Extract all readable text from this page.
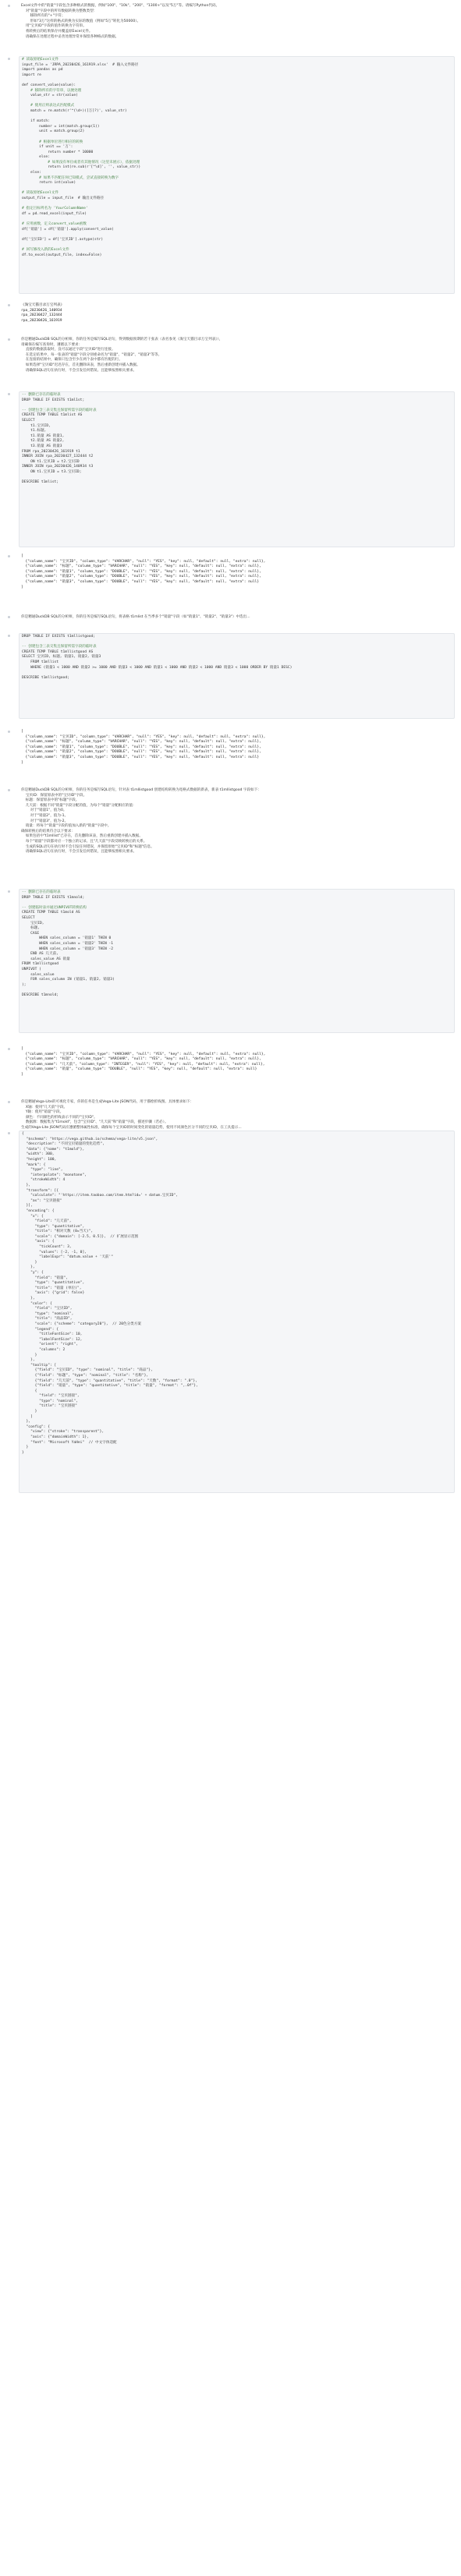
Excel文件中的"销量"字段包含多种格式的数据，例如"100"、"10k"、"200"、"1300+"以及"5万"等。请编写Python代码，
对"销量"字段中的所有数据转换为整数类型：
移除所有的"+"字符；
形如"3万"这样的格式转换为实际的数值（例如"5万"转化为50000）。
用"宝贝ID"字段的值作转换为字符串。
将转换后的结果保存并覆盖原Excel文件。
请确保在处理过程中妥善处理异常并保留各种格式的数据。
# 读取原始Excel文件
input_file = 'JRPA_20230426_161919.xlsx'  # 输入文件路径
import pandas as pd
import re

def convert_value(value):
# 移除所有的字符串，以便处理
value_str = str(value)

# 使用正则表达式匹配模式
match = re.match(r'^(\d+)([万]?)', value_str)

if match:
number = int(match.group(1))
unit = match.group(2)

# 根据单位进行相应的转换
if unit == '万':
return number * 10000
else:
# 如果没有单位或者有其他情况（这里未展示），依据处理
return int(re.sub(r'[^\d]', '', value_str))
else:
# 如果不匹配任何已知模式，尝试直接转换为数字
return int(value)

# 读取原始Excel文件
output_file = input_file  # 输出文件路径

# 指定目标列名为 'YourColumnName'
df = pd.read_excel(input_file)

# 应用函数，定义convert_value函数
df['销量'] = df['销量'].apply(convert_value)

df['宝贝ID'] = df['宝贝ID'].astype(str)

# 回写修改入新的Excel文件
df.to_excel(output_file, index=False)
《淘宝天猫目录万宝列表》
rpa_20230426_140934
rpa_20230427_132444
rpa_20230426_161919
你是精通DuckDB SQL的分析师，你的任务是编写SQL语句，得到数据预期的若干张表（表名参见《淘宝天猫目录万宝列表》），
请确保在编写查询时，遵循以下要求：
直接的数据获取时，良可以通过字段"宝贝ID"进行连接。
在选定结果中，每一张表的"销量"字段分别重命名为"销量"、"销量2"、"销量3"等等。
在连接的结果中，确保只包含至少在两个表中都有匹配的行。
如果选择"宝贝ID"迟迟存在，首先删除该表，然后重新创建并插入数据。
请确保SQL语句在执行时，不会引发任何错误。且能够按照相关要求。
-- 删除已存在的临时表
DROP TABLE IF EXISTS t1ml1st;

-- 创建包含三表交集且保留所需字段的临时表
CREATE TEMP TABLE t1mlist AS
SELECT
t1.宝贝ID,
t1.标题,
t1.销量 AS 销量1,
t2.销量 AS 销量2,
t3.销量 AS 销量3
FROM rpa_20230426_161919 t1
INNER JOIN rpa_20230427_132444 t2
ON t1.宝贝ID = t2.宝贝ID
INNER JOIN rpa_20230426_140934 t3
ON t1.宝贝ID = t3.宝贝ID;

DESCRIBE t1mlist;
[
{"column_name": "宝贝ID", "column_type": "VARCHAR", "null": "YES", "key": null, "default": null, "extra": null},
{"column_name": "标题", "column_type": "VARCHAR", "null": "YES", "key": null, "default": null, "extra": null},
{"column_name": "销量1", "column_type": "DOUBLE", "null": "YES", "key": null, "default": null, "extra": null},
{"column_name": "销量2", "column_type": "DOUBLE", "null": "YES", "key": null, "default": null, "extra": null},
{"column_name": "销量3", "column_type": "DOUBLE", "null": "YES", "key": null, "default": null, "extra": null}
]
你是精通DuckDB SQL的分析师，你的任务是编写SQL语句，将表格 t1mlist 在当季多个"销量"字段（如"销量1"、"销量2"、"销量3"）中选出...
DROP TABLE IF EXISTS t1mllistgood;

-- 创建包含三表交集且保留所需字段的临时表
CREATE TEMP TABLE t1mllistgood AS
SELECT 宝贝ID, 标题, 销量1, 销量2, 销量3
FROM t1mllist
WHERE (销量1 < 1000 AND 销量2 >= 1000 AND 销量3 < 1000 AND 销量1 < 1000 AND 销量2 < 1000 AND 销量3 < 1000 ORDER BY 销量1 DESC)

DESCRIBE t1mllistgood;
[
{"column_name": "宝贝ID", "column_type": "VARCHAR", "null": "YES", "key": null, "default": null, "extra": null},
{"column_name": "标题", "column_type": "VARCHAR", "null": "YES", "key": null, "default": null, "extra": null},
{"column_name": "销量1", "column_type": "DOUBLE", "null": "YES", "key": null, "default": null, "extra": null},
{"column_name": "销量2", "column_type": "DOUBLE", "null": "YES", "key": null, "default": null, "extra": null},
{"column_name": "销量3", "column_type": "DOUBLE", "null": "YES", "key": null, "default": null, "extra": null}
]
你是精通DuckDB SQL的分析师，你的任务是编写SQL语句，针对表 t1mllistgood 创建结构转换为宽格式数据的新表，新表 t1mllistgood 字段如下：
宝贝ID：保留原表中的"宝贝ID"字段。
标题：保留原表中的"标题"字段。
几天前：根据不同"销量"字段分配的值，为每个"销量"分配相应的值：
对于"销量1"，值为0。
对于"销量2"，值为-1。
对于"销量3"，值为-2。
销量：将每个"销量"字段的值加入新的"销量"字段中。
确保转换后的结果符合以下要求：
如果包括中"t1mllist"已存在，首先删除该表，然后重新创建并插入数据。
每个"销量"字段都对应一个独立的记录。且"几天前"字段反映转换后的关系。
生成的SQL语句在执行时不会引发任何错误，并保留原始"宝贝ID"和"标题"信息。
请确保SQL语句在执行时，不会引发任何错误，且能够按照相关要求。
-- 删除已存在的临时表
DROP TABLE IF EXISTS t1mnold;

-- 创建临时表并通过UNPIVOT转换结构
CREATE TEMP TABLE t1mold AS
SELECT
宝贝ID,
标题,
CASE
WHEN sales_column = '销量1' THEN 0
WHEN sales_column = '销量2' THEN -1
WHEN sales_column = '销量3' THEN -2
END AS 几天前,
sales_value AS 销量
FROM t1mllistgood
UNPIVOT (
sales_value
FOR sales_column IN (销量1, 销量2, 销量3)
);

DESCRIBE t1mnold;
[
{"column_name": "宝贝ID", "column_type": "VARCHAR", "null": "YES", "key": null, "default": null, "extra": null},
{"column_name": "标题", "column_type": "VARCHAR", "null": "YES", "key": null, "default": null, "extra": null},
{"column_name": "几天前", "column_type": "INTEGER", "null": "YES", "key": null, "default": null, "extra": null},
{"column_name": "销量", "column_type": "DOUBLE", "null": "YES", "key": null, "default": null, "extra": null}
]
你是精通Vega-Lite的可视化专家，你的任务是生成Vega-Lite JSON代码，用于描绘折线图。具体要求如下：
X轴：使用"几天前"字段。
Y轴：使用"销量"字段。
颜色：不同颜色的折线表示不同的"宝贝ID"。
数据源：数据集为"t1mold"，包含"宝贝ID"、"几天前"和"销量"字段，描述步骤（若必）。
生成的Vega-Lite JSON代码应遵循整体属性标准，确保每个宝贝ID的时间变化的销量趋势，使用不同颜色区分不同的宝贝ID，在工具提示...
{
"$schema": "https://vega.github.io/schema/vega-lite/v5.json",
"description": "不同宝贝销量的变化趋势",
"data": {"name": "t1mold"},
"width": 300,
"height": 100,
"mark": {
"type": "line",
"interpolate": "monotone",
"strokeWidth": 4
},
"transform": [{
"calculate": "'https://item.taobao.com/item.htm?id=' + datum.宝贝ID",
"as": "宝贝链接"
}],
"encoding": {
"x": {
"field": "几天前",
"type": "quantitative",
"title": "相对天数 (0=当天)",
"scale": {"domain": [-2.5, 0.5]},  // 扩展显示范围
"axis": {
"tickCount": 3,
"values": [-2, -1, 0],
"labelExpr": "datum.value + '天前'"
}
},
"y": {
"field": "销量",
"type": "quantitative",
"title": "销量 (单位)",
"axis": {"grid": false}
},
"color": {
"field": "宝贝ID",
"type": "nominal",
"title": "商品ID",
"scale": {"scheme": "category20"},  // 20色分类方案
"legend": {
"titleFontSize": 10,
"labelFontSize": 12,
"orient": "right",
"columns": 2
}
},
"tooltip": [
{"field": "宝贝ID", "type": "nominal", "title": "商品"},
{"field": "标题", "type": "nominal", "title": "名称"},
{"field": "几天前", "type": "quantitative", "title": "天数", "format": ".0"},
{"field": "销量", "type": "quantitative", "title": "销量", "format": ",.0f"},
{
"field": "宝贝链接",
"type": "nominal",
"title": "宝贝链接"
}
]
},
"config": {
"view": {"stroke": "transparent"},
"axis": {"domainWidth": 1},
"font": "Microsoft YaHei"  // 中文字体适配
}
}
